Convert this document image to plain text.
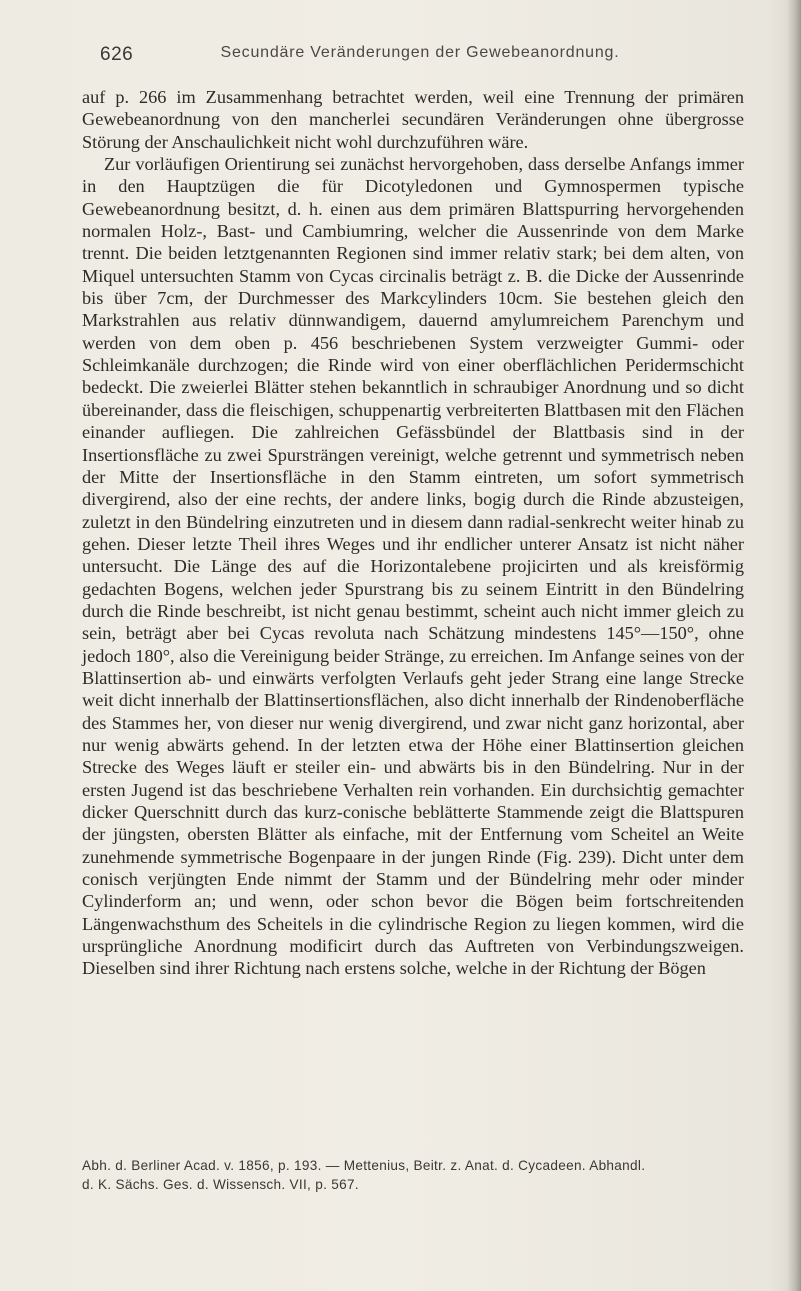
626	Secundäre Veränderungen der Gewebeanordnung.

auf p. 266 im Zusammenhang betrachtet werden, weil eine Trennung der primären Gewebeanordnung von den mancherlei secundären Veränderungen ohne übergrosse Störung der Anschaulichkeit nicht wohl durchzuführen wäre.

Zur vorläufigen Orientirung sei zunächst hervorgehoben, dass derselbe Anfangs immer in den Hauptzügen die für Dicotyledonen und Gymnospermen typische Gewebeanordnung besitzt, d. h. einen aus dem primären Blattspurring hervorgehenden normalen Holz-, Bast- und Cambiumring, welcher die Aussenrinde von dem Marke trennt. Die beiden letztgenannten Regionen sind immer relativ stark; bei dem alten, von Miquel untersuchten Stamm von Cycas circinalis beträgt z. B. die Dicke der Aussenrinde bis über 7cm, der Durchmesser des Markcylinders 10cm. Sie bestehen gleich den Markstrahlen aus relativ dünnwandigem, dauernd amylumreichem Parenchym und werden von dem oben p. 456 beschriebenen System verzweigter Gummi- oder Schleimkanäle durchzogen; die Rinde wird von einer oberflächlichen Peridermschicht bedeckt. Die zweierlei Blätter stehen bekanntlich in schraubiger Anordnung und so dicht übereinander, dass die fleischigen, schuppenartig verbreiterten Blattbasen mit den Flächen einander aufliegen. Die zahlreichen Gefässbündel der Blattbasis sind in der Insertionsfläche zu zwei Spursträngen vereinigt, welche getrennt und symmetrisch neben der Mitte der Insertionsfläche in den Stamm eintreten, um sofort symmetrisch divergirend, also der eine rechts, der andere links, bogig durch die Rinde abzusteigen, zuletzt in den Bündelring einzutreten und in diesem dann radial-senkrecht weiter hinab zu gehen. Dieser letzte Theil ihres Weges und ihr endlicher unterer Ansatz ist nicht näher untersucht. Die Länge des auf die Horizontalebene projicirten und als kreisförmig gedachten Bogens, welchen jeder Spurstrang bis zu seinem Eintritt in den Bündelring durch die Rinde beschreibt, ist nicht genau bestimmt, scheint auch nicht immer gleich zu sein, beträgt aber bei Cycas revoluta nach Schätzung mindestens 145°—150°, ohne jedoch 180°, also die Vereinigung beider Stränge, zu erreichen. Im Anfange seines von der Blattinsertion ab- und einwärts verfolgten Verlaufs geht jeder Strang eine lange Strecke weit dicht innerhalb der Blattinsertionsflächen, also dicht innerhalb der Rindenoberfläche des Stammes her, von dieser nur wenig divergirend, und zwar nicht ganz horizontal, aber nur wenig abwärts gehend. In der letzten etwa der Höhe einer Blattinsertion gleichen Strecke des Weges läuft er steiler ein- und abwärts bis in den Bündelring. Nur in der ersten Jugend ist das beschriebene Verhalten rein vorhanden. Ein durchsichtig gemachter dicker Querschnitt durch das kurz-conische beblätterte Stammende zeigt die Blattspuren der jüngsten, obersten Blätter als einfache, mit der Entfernung vom Scheitel an Weite zunehmende symmetrische Bogenpaare in der jungen Rinde (Fig. 239). Dicht unter dem conisch verjüngten Ende nimmt der Stamm und der Bündelring mehr oder minder Cylinderform an; und wenn, oder schon bevor die Bögen beim fortschreitenden Längenwachsthum des Scheitels in die cylindrische Region zu liegen kommen, wird die ursprüngliche Anordnung modificirt durch das Auftreten von Verbindungszweigen. Dieselben sind ihrer Richtung nach erstens solche, welche in der Richtung der Bögen

Abh. d. Berliner Acad. v. 1856, p. 193. — Mettenius, Beitr. z. Anat. d. Cycadeen. Abhandl.
d. K. Sächs. Ges. d. Wissensch. VII, p. 567.
